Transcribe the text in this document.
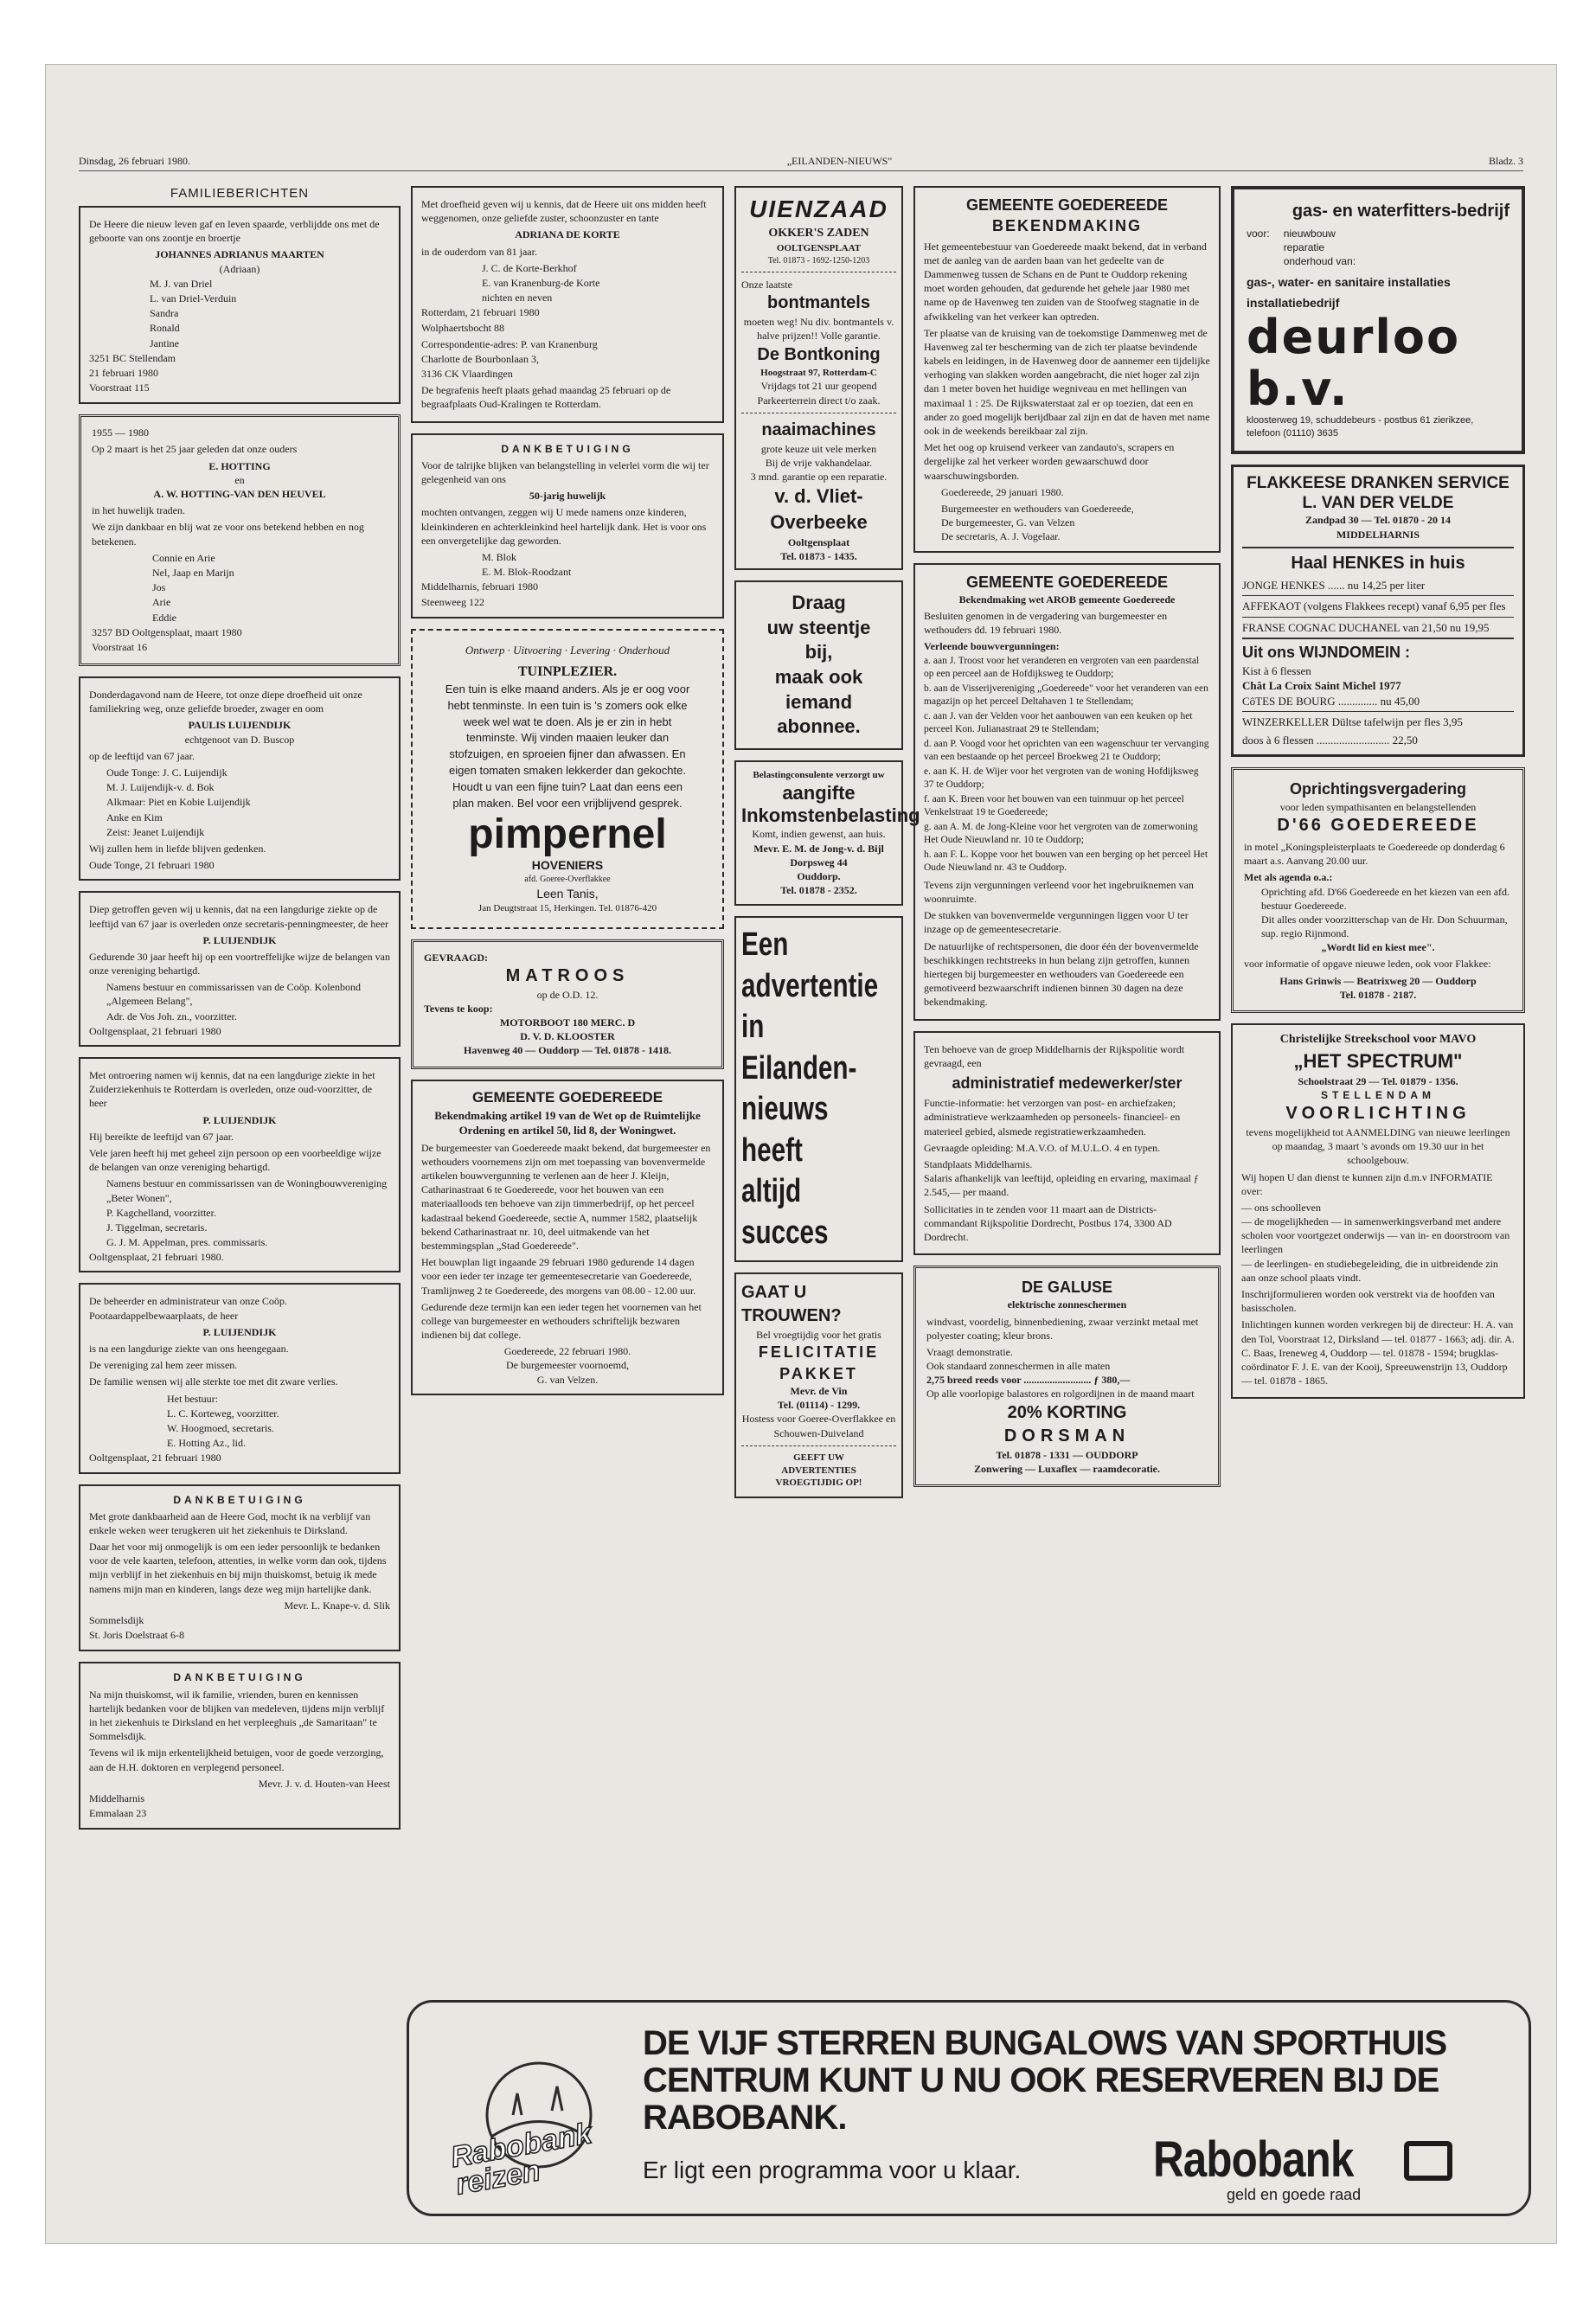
Dinsdag, 26 februari 1980.	„EILANDEN-NIEUWS"	Bladz. 3
FAMILIEBERICHTEN
De Heere die nieuw leven gaf en leven spaarde, verblijdde ons met de geboorte van ons zoontje en broertje
JOHANNES ADRIANUS MAARTEN
(Adriaan)
M. J. van Driel
L. van Driel-Verduin
Sandra
Ronald
Jantine
3251 BC Stellendam
21 februari 1980
Voorstraat 115
1955 — 1980
Op 2 maart is het 25 jaar geleden dat onze ouders
E. HOTTING
en
A. W. HOTTING-VAN DEN HEUVEL
in het huwelijk traden.
We zijn dankbaar en blij wat ze voor ons betekend hebben en nog betekenen.
Connie en Arie
Nel, Jaap en Marijn
Jos
Arie
Eddie
3257 BD Ooltgensplaat, maart 1980
Voorstraat 16
Donderdagavond nam de Heere, tot onze diepe droefheid uit onze familiekring weg, onze geliefde broeder, zwager en oom
PAULIS LUIJENDIJK
echtgenoot van D. Buscop
op de leeftijd van 67 jaar.
Oude Tonge: J. C. Luijendijk
M. J. Luijendijk-v. d. Bok
Alkmaar: Piet en Kobie Luijendijk
Anke en Kim
Zeist: Jeanet Luijendijk
Wij zullen hem in liefde blijven gedenken.
Oude Tonge, 21 februari 1980
Diep getroffen geven wij u kennis, dat na een langdurige ziekte op de leeftijd van 67 jaar is overleden onze secretaris-penningmeester, de heer
P. LUIJENDIJK
Gedurende 30 jaar heeft hij op een voortreffelijke wijze de belangen van onze vereniging behartigd.
Namens bestuur en commissarissen van de Coöp. Kolenbond „Algemeen Belang",
Adr. de Vos Joh. zn., voorzitter.
Ooltgensplaat, 21 februari 1980
Met ontroering namen wij kennis, dat na een langdurige ziekte in het Zuiderziekenhuis te Rotterdam is overleden, onze oud-voorzitter, de heer
P. LUIJENDIJK
Hij bereikte de leeftijd van 67 jaar.
Vele jaren heeft hij met geheel zijn persoon op een voorbeeldige wijze de belangen van onze vereniging behartigd.
Namens bestuur en commissarissen van de Woningbouwvereniging „Beter Wonen",
P. Kagchelland, voorzitter.
J. Tiggelman, secretaris.
G. J. M. Appelman, pres. commissaris.
Ooltgensplaat, 21 februari 1980.
De beheerder en administrateur van onze Coöp. Pootaardappelbewaarplaats, de heer
P. LUIJENDIJK
is na een langdurige ziekte van ons heengegaan.
De vereniging zal hem zeer missen.
De familie wensen wij alle sterkte toe met dit zware verlies.
Het bestuur:
L. C. Korteweg, voorzitter.
W. Hoogmoed, secretaris.
E. Hotting Az., lid.
Ooltgensplaat, 21 februari 1980
DANKBETUIGING
Met grote dankbaarheid aan de Heere God, mocht ik na verblijf van enkele weken weer terugkeren uit het ziekenhuis te Dirksland.
Daar het voor mij onmogelijk is om een ieder persoonlijk te bedanken voor de vele kaarten, telefoon, attenties, in welke vorm dan ook, tijdens mijn verblijf in het ziekenhuis en bij mijn thuiskomst, betuig ik mede namens mijn man en kinderen, langs deze weg mijn hartelijke dank.
Mevr. L. Knape-v. d. Slik
Sommelsdijk
St. Joris Doelstraat 6-8
DANKBETUIGING
Na mijn thuiskomst, wil ik familie, vrienden, buren en kennissen hartelijk bedanken voor de blijken van medeleven, tijdens mijn verblijf in het ziekenhuis te Dirksland en het verpleeghuis „de Samaritaan" te Sommelsdijk.
Tevens wil ik mijn erkentelijkheid betuigen, voor de goede verzorging, aan de H.H. doktoren en verplegend personeel.
Mevr. J. v. d. Houten-van Heest
Middelharnis
Emmalaan 23
Met droefheid geven wij u kennis, dat de Heere uit ons midden heeft weggenomen, onze geliefde zuster, schoonzuster en tante
ADRIANA DE KORTE
in de ouderdom van 81 jaar.
J. C. de Korte-Berkhof
E. van Kranenburg-de Korte
nichten en neven
Rotterdam, 21 februari 1980
Wolphaertsbocht 88
Correspondentie-adres: P. van Kranenburg
Charlotte de Bourbonlaan 3,
3136 CK Vlaardingen
De begrafenis heeft plaats gehad maandag 25 februari op de begraafplaats Oud-Kralingen te Rotterdam.
DANKBETUIGING
Voor de talrijke blijken van belangstelling in velerlei vorm die wij ter gelegenheid van ons
50-jarig huwelijk
mochten ontvangen, zeggen wij U mede namens onze kinderen, kleinkinderen en achterkleinkind heel hartelijk dank. Het is voor ons een onvergetelijke dag geworden.
M. Blok
E. M. Blok-Roodzant
Middelharnis, februari 1980
Steenweeg 122
Ontwerp · Uitvoering · Levering · Onderhoud
TUINPLEZIER.
Een tuin is elke maand anders. Als je er oog voor hebt tenminste. In een tuin is 's zomers ook elke week wel wat te doen. Als je er zin in hebt tenminste. Wij vinden maaien leuker dan stofzuigen, en sproeien fijner dan afwassen. En eigen tomaten smaken lekkerder dan gekochte. Houdt u van een fijne tuin? Laat dan eens een plan maken. Bel voor een vrijblijvend gesprek.
pimpernel
HOVENIERS
afd. Goeree-Overflakkee
Leen Tanis,
Jan Deugtstraat 15, Herkingen. Tel. 01876-420
GEVRAAGD:
MATROOS
op de O.D. 12.
Tevens te koop:
MOTORBOOT 180 MERC. D
D. V. D. KLOOSTER
Havenweg 40 — Ouddorp — Tel. 01878 - 1418.
GEMEENTE GOEDEREEDE
Bekendmaking artikel 19 van de Wet op de Ruimtelijke Ordening en artikel 50, lid 8, der Woningwet.
De burgemeester van Goedereede maakt bekend, dat burgemeester en wethouders voornemens zijn om met toepassing van bovenvermelde artikelen bouwvergunning te verlenen aan de heer J. Kleijn, Catharinastraat 6 te Goedereede, voor het bouwen van een materiaalloods ten behoeve van zijn timmerbedrijf, op het perceel kadastraal bekend Goedereede, sectie A, nummer 1582, plaatselijk bekend Catharinastraat nr. 10, deel uitmakende van het bestemmingsplan „Stad Goedereede".
Het bouwplan ligt ingaande 29 februari 1980 gedurende 14 dagen voor een ieder ter inzage ter gemeentesecretarie van Goedereede, Tramlijnweg 2 te Goedereede, des morgens van 08.00 - 12.00 uur.
Gedurende deze termijn kan een ieder tegen het voornemen van het college van burgemeester en wethouders schriftelijk bezwaren indienen bij dat college.
Goedereede, 22 februari 1980.
De burgemeester voornoemd,
G. van Velzen.
UIENZAAD
OKKER'S ZADEN
OOLTGENSPLAAT
Tel. 01873 - 1692-1250-1203
Onze laatste
bontmantels
moeten weg! Nu div. bontmantels v. halve prijzen!! Volle garantie.
De Bontkoning
Hoogstraat 97, Rotterdam-C
Vrijdags tot 21 uur geopend Parkeerterrein direct t/o zaak.
naaimachines
grote keuze uit vele merken
Bij de vrije vakhandelaar.
3 mnd. garantie op een reparatie.
v. d. Vliet-Overbeeke
Ooltgensplaat
Tel. 01873 - 1435.
Draag
uw steentje
bij,
maak ook
iemand
abonnee.
Belastingconsulente verzorgt uw
aangifte Inkomstenbelasting
Komt, indien gewenst, aan huis.
Mevr. E. M. de Jong-v. d. Bijl
Dorpsweg 44
Ouddorp.
Tel. 01878 - 2352.
Een
advertentie
in
Eilanden-
nieuws
heeft
altijd
succes
GAAT U TROUWEN?
Bel vroegtijdig voor het gratis
FELICITATIE PAKKET
Mevr. de Vin
Tel. (01114) - 1299.
Hostess voor Goeree-Overflakkee en Schouwen-Duiveland
GEEFT UW
ADVERTENTIES
VROEGTIJDIG OP!
GEMEENTE GOEDEREEDE
BEKENDMAKING
Het gemeentebestuur van Goedereede maakt bekend, dat in verband met de aanleg van de aarden baan van het gedeelte van de Dammenweg tussen de Schans en de Punt te Ouddorp rekening moet worden gehouden, dat gedurende het gehele jaar 1980 met name op de Havenweg ten zuiden van de Stoofweg stagnatie in de afwikkeling van het verkeer kan optreden.
Ter plaatse van de kruising van de toekomstige Dammenweg met de Havenweg zal ter bescherming van de zich ter plaatse bevindende kabels en leidingen, in de Havenweg door de aannemer een tijdelijke verhoging van slakken worden aangebracht, die niet hoger zal zijn dan 1 meter boven het huidige wegniveau en met hellingen van maximaal 1 : 25. De Rijkswaterstaat zal er op toezien, dat een en ander zo goed mogelijk berijdbaar zal zijn en dat de haven met name ook in de weekends bereikbaar zal zijn.
Met het oog op kruisend verkeer van zandauto's, scrapers en dergelijke zal het verkeer worden gewaarschuwd door waarschuwingsborden.
Goedereede, 29 januari 1980.
Burgemeester en wethouders van Goedereede,
De burgemeester, G. van Velzen
De secretaris, A. J. Vogelaar.
GEMEENTE GOEDEREEDE
Bekendmaking wet AROB gemeente Goedereede
Besluiten genomen in de vergadering van burgemeester en wethouders dd. 19 februari 1980.
Verleende bouwvergunningen:
a. aan J. Troost voor het veranderen en vergroten van een paardenstal op een perceel aan de Hofdijksweg te Ouddorp;
b. aan de Visserijvereniging „Goedereede" voor het veranderen van een magazijn op het perceel Deltahaven 1 te Stellendam;
c. aan J. van der Velden voor het aanbouwen van een keuken op het perceel Kon. Julianastraat 29 te Stellendam;
d. aan P. Voogd voor het oprichten van een wagenschuur ter vervanging van een bestaande op het perceel Broekweg 21 te Ouddorp;
e. aan K. H. de Wijer voor het vergroten van de woning Hofdijksweg 37 te Ouddorp;
f. aan K. Breen voor het bouwen van een tuinmuur op het perceel Venkelstraat 19 te Goedereede;
g. aan A. M. de Jong-Kleine voor het vergroten van de zomerwoning Het Oude Nieuwland nr. 10 te Ouddorp;
h. aan F. L. Koppe voor het bouwen van een berging op het perceel Het Oude Nieuwland nr. 43 te Ouddorp.
Tevens zijn vergunningen verleend voor het ingebruiknemen van woonruimte.
De stukken van bovenvermelde vergunningen liggen voor U ter inzage op de gemeentesecretarie.
De natuurlijke of rechtspersonen, die door één der bovenvermelde beschikkingen rechtstreeks in hun belang zijn getroffen, kunnen hiertegen bij burgemeester en wethouders van Goedereede een gemotiveerd bezwaarschrift indienen binnen 30 dagen na deze bekendmaking.
Ten behoeve van de groep Middelharnis der Rijkspolitie wordt gevraagd, een
administratief medewerker/ster
Functie-informatie: het verzorgen van post- en archiefzaken; administratieve werkzaamheden op personeels- financieel- en materieel gebied, alsmede registratiewerkzaamheden.
Gevraagde opleiding: M.A.V.O. of M.U.L.O. 4 en typen.
Standplaats Middelharnis.
Salaris afhankelijk van leeftijd, opleiding en ervaring, maximaal ƒ 2.545,— per maand.
Sollicitaties in te zenden voor 11 maart aan de Districts-commandant Rijkspolitie Dordrecht, Postbus 174, 3300 AD Dordrecht.
DE GALUSE
elektrische zonneschermen
windvast, voordelig, binnenbediening, zwaar verzinkt metaal met polyester coating; kleur brons.
Vraagt demonstratie.
Ook standaard zonneschermen in alle maten
2,75 breed reeds voor .......................... ƒ 380,—
Op alle voorlopige balastores en rolgordijnen in de maand maart
20% KORTING
DORSMAN
Tel. 01878 - 1331 — OUDDORP
Zonwering — Luxaflex — raamdecoratie.
gas- en waterfitters-bedrijf
voor: nieuwbouw
reparatie
onderhoud van:
gas-, water- en sanitaire installaties
installatiebedrijf
deurloo b.v.
kloosterweg 19, schuddebeurs - postbus 61 zierikzee, telefoon (01110) 3635
FLAKKEESE DRANKEN SERVICE L. VAN DER VELDE
Zandpad 30 — Tel. 01870 - 20 14
MIDDELHARNIS
Haal HENKES in huis
JONGE HENKES ...... nu 14,25 per liter
AFFEKAOT (volgens Flakkees recept) vanaf 6,95 per fles
FRANSE COGNAC DUCHANEL van 21,50 nu 19,95
Uit ons WIJNDOMEIN :
Kist à 6 flessen
Chât La Croix Saint Michel 1977
CôTES DE BOURG .............. nu 45,00
WINZERKELLER Dültse tafelwijn per fles 3,95
doos à 6 flessen .......................... 22,50
Oprichtingsvergadering
voor leden sympathisanten en belangstellenden
D'66 GOEDEREEDE
in motel „Koningspleisterplaats te Goedereede op donderdag 6 maart a.s. Aanvang 20.00 uur.
Met als agenda o.a.:
Oprichting afd. D'66 Goedereede en het kiezen van een afd. bestuur Goedereede.
Dit alles onder voorzitterschap van de Hr. Don Schuurman, sup. regio Rijnmond.
„Wordt lid en kiest mee".
voor informatie of opgave nieuwe leden, ook voor Flakkee:
Hans Grinwis — Beatrixweg 20 — Ouddorp
Tel. 01878 - 2187.
Christelijke Streekschool voor MAVO
„HET SPECTRUM"
Schoolstraat 29 — Tel. 01879 - 1356.
STELLENDAM
VOORLICHTING
tevens mogelijkheid tot AANMELDING van nieuwe leerlingen
op maandag, 3 maart 's avonds om 19.30 uur in het schoolgebouw.
Wij hopen U dan dienst te kunnen zijn d.m.v INFORMATIE over:
— ons schoolleven
— de mogelijkheden — in samenwerkingsverband met andere scholen voor voortgezet onderwijs — van in- en doorstroom van leerlingen
— de leerlingen- en studiebegeleiding, die in uitbreidende zin aan onze school plaats vindt.
Inschrijformulieren worden ook verstrekt via de hoofden van basisscholen.
Inlichtingen kunnen worden verkregen bij de directeur: H. A. van den Tol, Voorstraat 12, Dirksland — tel. 01877 - 1663; adj. dir. A. C. Baas, Ireneweg 4, Ouddorp — tel. 01878 - 1594; brugklas-coördinator F. J. E. van der Kooij, Spreeuwenstrijn 13, Ouddorp — tel. 01878 - 1865.
Rabobank reizen
DE VIJF STERREN BUNGALOWS VAN SPORTHUIS CENTRUM KUNT U NU OOK RESERVEREN BIJ DE RABOBANK.
Er ligt een programma voor u klaar.	Rabobank
geld en goede raad
